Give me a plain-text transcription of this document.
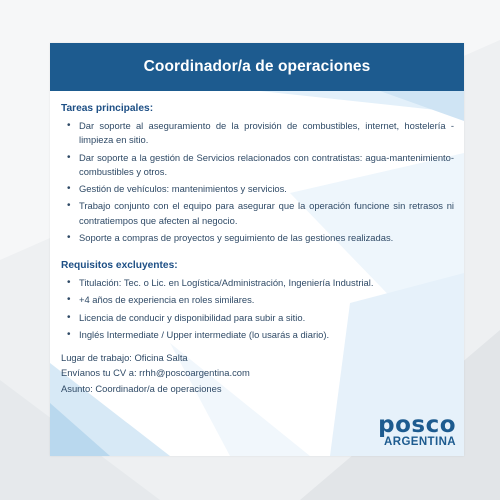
Coordinador/a de operaciones
Tareas principales:
• Dar soporte al aseguramiento de la provisión de combustibles, internet, hostelería - limpieza en sitio.
• Dar soporte a la gestión de Servicios relacionados con contratistas: agua-mantenimiento-combustibles y otros.
• Gestión de vehículos: mantenimientos y servicios.
• Trabajo conjunto con el equipo para asegurar que la operación funcione sin retrasos ni contratiempos que afecten al negocio.
• Soporte a compras de proyectos y seguimiento de las gestiones realizadas.
Requisitos excluyentes:
• Titulación: Tec. o Lic. en Logística/Administración, Ingeniería Industrial.
• +4 años de experiencia en roles similares.
• Licencia de conducir y disponibilidad para subir a sitio.
• Inglés Intermediate / Upper intermediate (lo usarás a diario).
Lugar de trabajo: Oficina Salta
Envíanos tu CV a: rrhh@poscoargentina.com
Asunto: Coordinador/a de operaciones
posco
ARGENTINA
